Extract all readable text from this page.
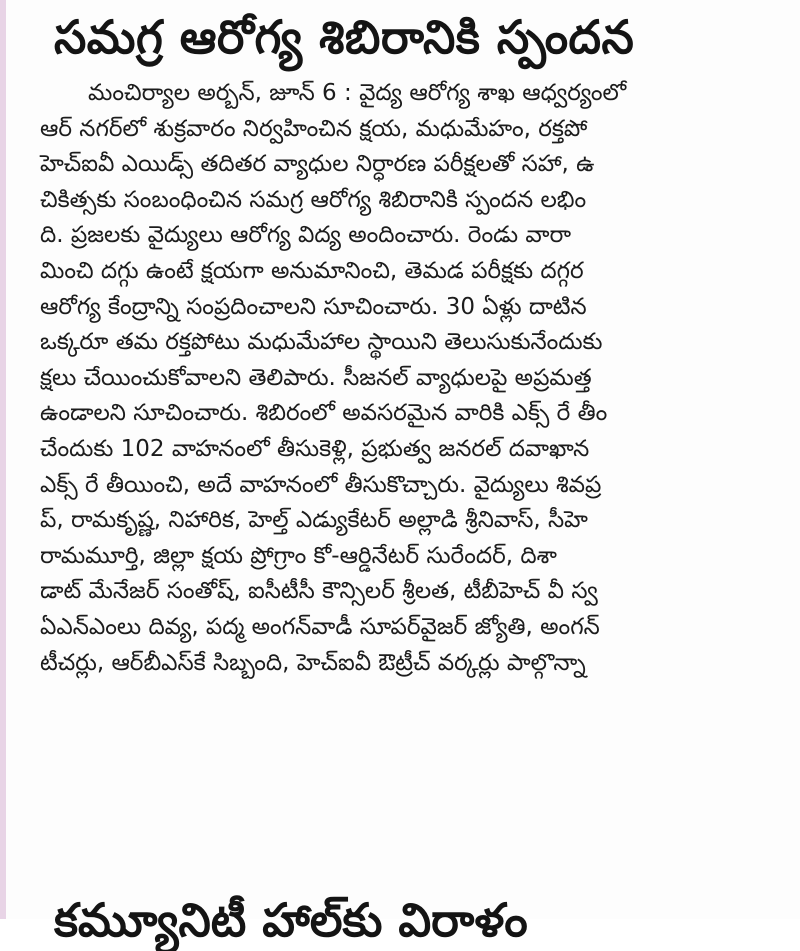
సమగ్ర ఆరోగ్య శిబిరానికి స్పందన
మంచిర్యాల అర్బన్, జూన్ 6 : వైద్య ఆరోగ్య శాఖ ఆధ్వర్యంలో
ఆర్ నగర్‌లో శుక్రవారం నిర్వహించిన క్షయ, మధుమేహం, రక్తపో
హెచ్ఐవీ ఎయిడ్స్ తదితర వ్యాధుల నిర్ధారణ పరీక్షలతో సహా, ఉ
చికిత్సకు సంబంధించిన సమగ్ర ఆరోగ్య శిబిరానికి స్పందన లభిం
ది. ప్రజలకు వైద్యులు ఆరోగ్య విద్య అందించారు. రెండు వారా
మించి దగ్గు ఉంటే క్షయగా అనుమానించి, తెమడ పరీక్షకు దగ్గర
ఆరోగ్య కేంద్రాన్ని సంప్రదించాలని సూచించారు. 30 ఏళ్లు దాటిన
ఒక్కరూ తమ రక్తపోటు మధుమేహాల స్థాయిని తెలుసుకునేందుకు
క్షలు చేయించుకోవాలని తెలిపారు. సీజనల్ వ్యాధులపై అప్రమత్త
ఉండాలని సూచించారు. శిబిరంలో అవసరమైన వారికి ఎక్స్ రే తీం
చేందుకు 102 వాహనంలో తీసుకెళ్లి, ప్రభుత్వ జనరల్ దవాఖాన
ఎక్స్ రే తీయించి, అదే వాహనంలో తీసుకొచ్చారు. వైద్యులు శివప్ర
ప్, రామకృష్ణ, నిహారిక, హెల్త్ ఎడ్యుకేటర్ అల్లాడి శ్రీనివాస్, సీహె
రామమూర్తి, జిల్లా క్షయ ప్రోగ్రాం కో-ఆర్డినేటర్ సురేందర్, దిశా
డాట్ మేనేజర్ సంతోష్, ఐసీటీసీ కౌన్సిలర్ శ్రీలత, టీబీహెచ్ వీ స్వ
ఏఎన్ఎంలు దివ్య, పద్మ అంగన్‌వాడీ సూపర్‌వైజర్ జ్యోతి, అంగన్
టీచర్లు, ఆర్‌బీఎస్‌కే సిబ్బంది, హెచ్ఐవీ ఔట్రీచ్ వర్కర్లు పాల్గొన్నా
కమ్యూనిటీ హాల్‌కు విరాళం
